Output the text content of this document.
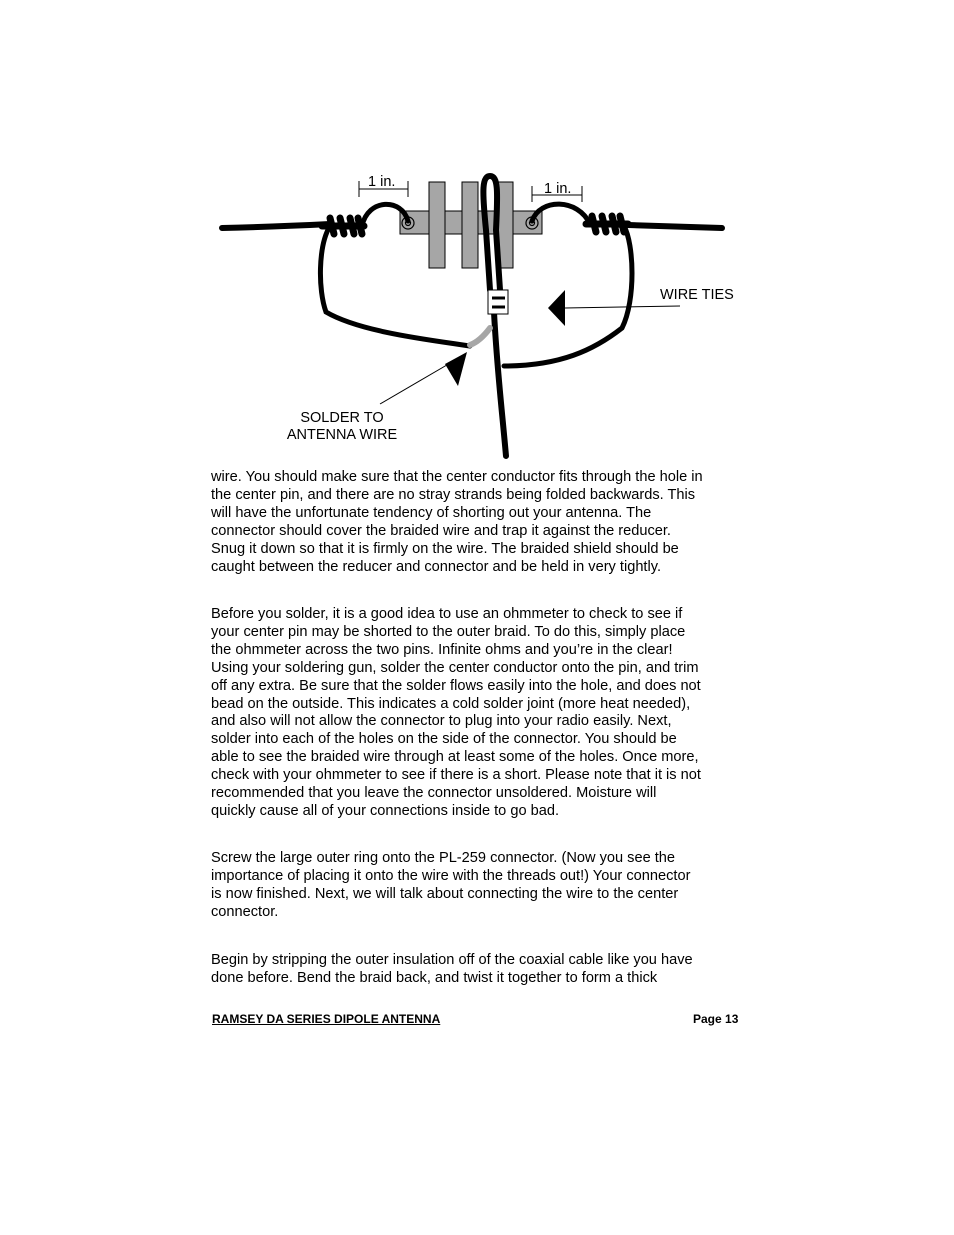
1 in.	1 in.
WIRE TIES
SOLDER TO
ANTENNA WIRE

wire. You should make sure that the center conductor fits through the hole in
the center pin, and there are no stray strands being folded backwards. This
will have the unfortunate tendency of shorting out your antenna. The
connector should cover the braided wire and trap it against the reducer.
Snug it down so that it is firmly on the wire. The braided shield should be
caught between the reducer and connector and be held in very tightly.

Before you solder, it is a good idea to use an ohmmeter to check to see if
your center pin may be shorted to the outer braid. To do this, simply place
the ohmmeter across the two pins. Infinite ohms and you’re in the clear!
Using your soldering gun, solder the center conductor onto the pin, and trim
off any extra. Be sure that the solder flows easily into the hole, and does not
bead on the outside. This indicates a cold solder joint (more heat needed),
and also will not allow the connector to plug into your radio easily. Next,
solder into each of the holes on the side of the connector. You should be
able to see the braided wire through at least some of the holes. Once more,
check with your ohmmeter to see if there is a short. Please note that it is not
recommended that you leave the connector unsoldered. Moisture will
quickly cause all of your connections inside to go bad.

Screw the large outer ring onto the PL-259 connector. (Now you see the
importance of placing it onto the wire with the threads out!) Your connector
is now finished. Next, we will talk about connecting the wire to the center
connector.

Begin by stripping the outer insulation off of the coaxial cable like you have
done before. Bend the braid back, and twist it together to form a thick

RAMSEY DA SERIES DIPOLE ANTENNA	Page 13
